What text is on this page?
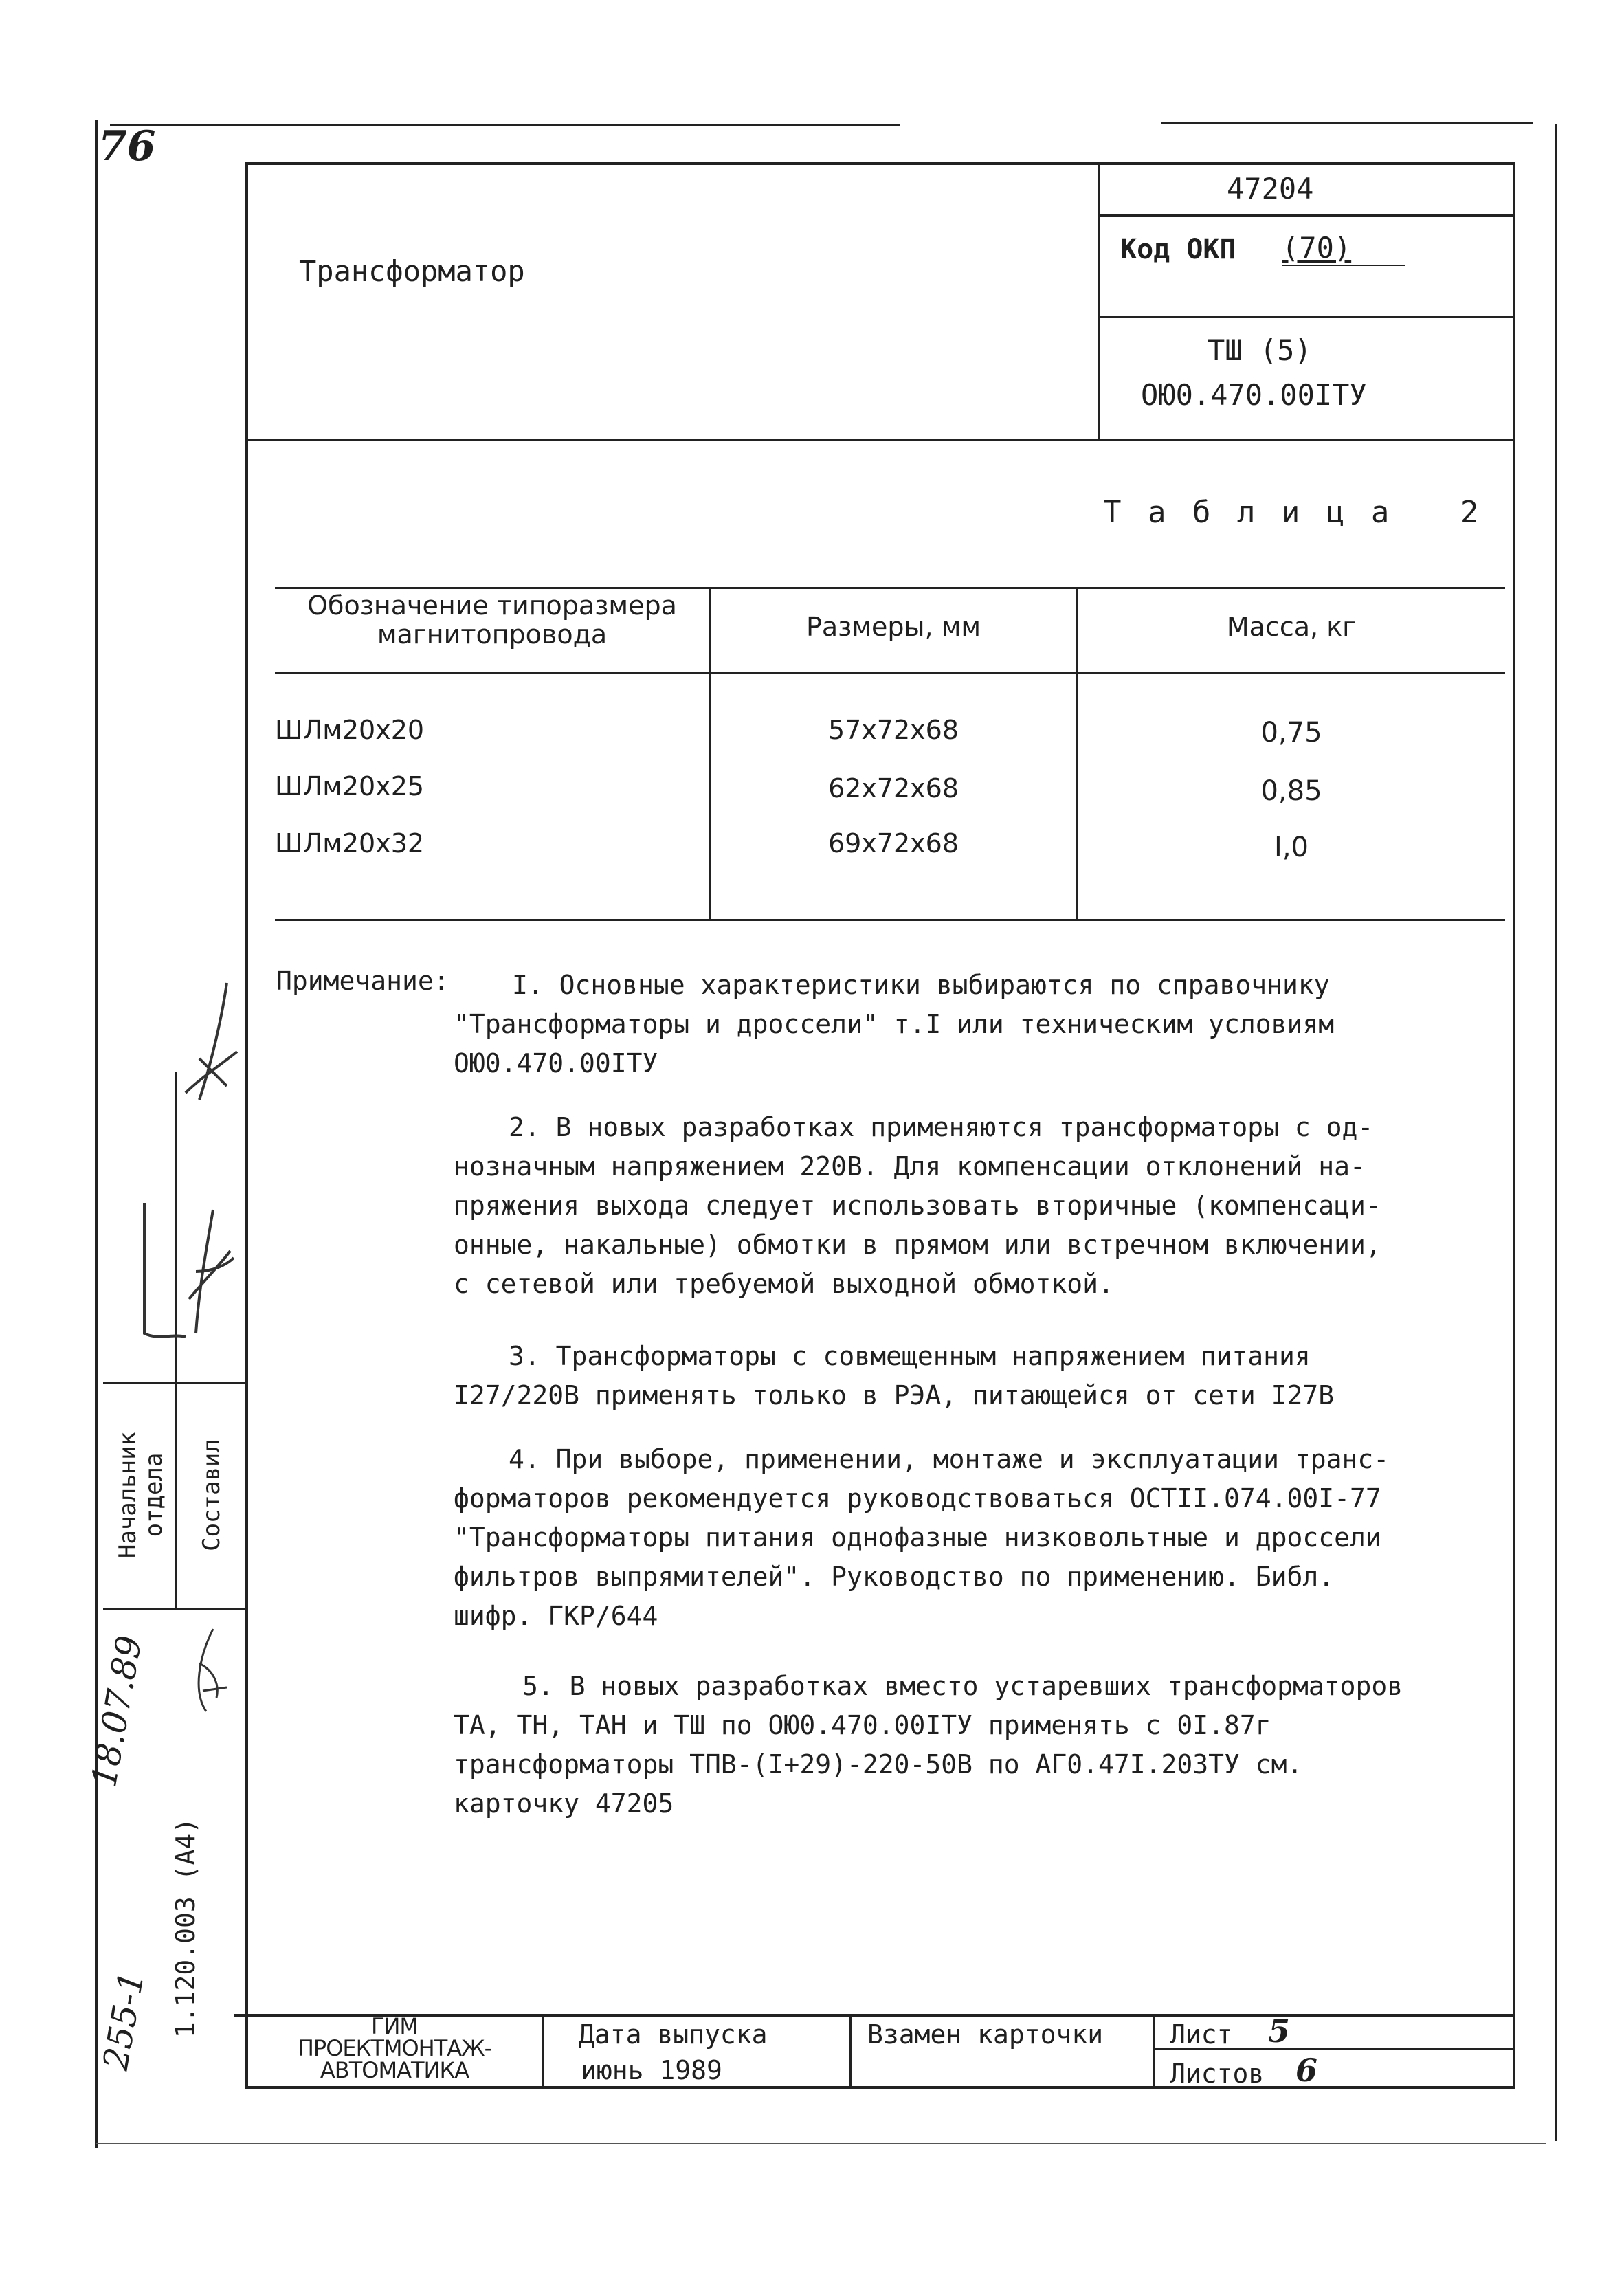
76
Трансформатор
47204
Код ОКП (70)
ТШ (5)
ОЮ0.470.00IТУ
Т а б л и ц а   2
Обозначение типоразмера магнитопровода	Размеры, мм	Масса, кг
ШЛм20х20	57х72х68	0,75
ШЛм20х25	62х72х68	0,85
ШЛм20х32	69х72х68	I,0
Примечание:	I. Основные характеристики выбираются по справочнику
"Трансформаторы и дроссели" т.I или техническим условиям
ОЮ0.470.00IТУ
2. В новых разработках применяются трансформаторы с од-
нозначным напряжением 220В. Для компенсации отклонений на-
пряжения выхода следует использовать вторичные (компенсаци-
онные, накальные) обмотки в прямом или встречном включении,
с сетевой или требуемой выходной обмоткой.
3. Трансформаторы с совмещенным напряжением питания
I27/220В применять только в РЭА, питающейся от сети I27В
4. При выборе, применении, монтаже и эксплуатации транс-
форматоров рекомендуется руководствоваться ОСТII.074.00I-77
"Трансформаторы питания однофазные низковольтные и дроссели
фильтров выпрямителей". Руководство по применению. Библ.
шифр. ГКР/644
5. В новых разработках вместо устаревших трансформаторов
ТА, ТН, ТАН и ТШ по ОЮ0.470.00IТУ применять с 0I.87г
трансформаторы ТПВ-(I+29)-220-50В по АГ0.47I.203ТУ см.
карточку 47205
ГИМ
ПРОЕКТМОНТАЖ-
АВТОМАТИКА
Дата выпуска
июнь 1989
Взамен карточки	Лист 5
Листов 6
Начальник
отдела Составил
18.07.89
1.120.003 (A4)
255-1
